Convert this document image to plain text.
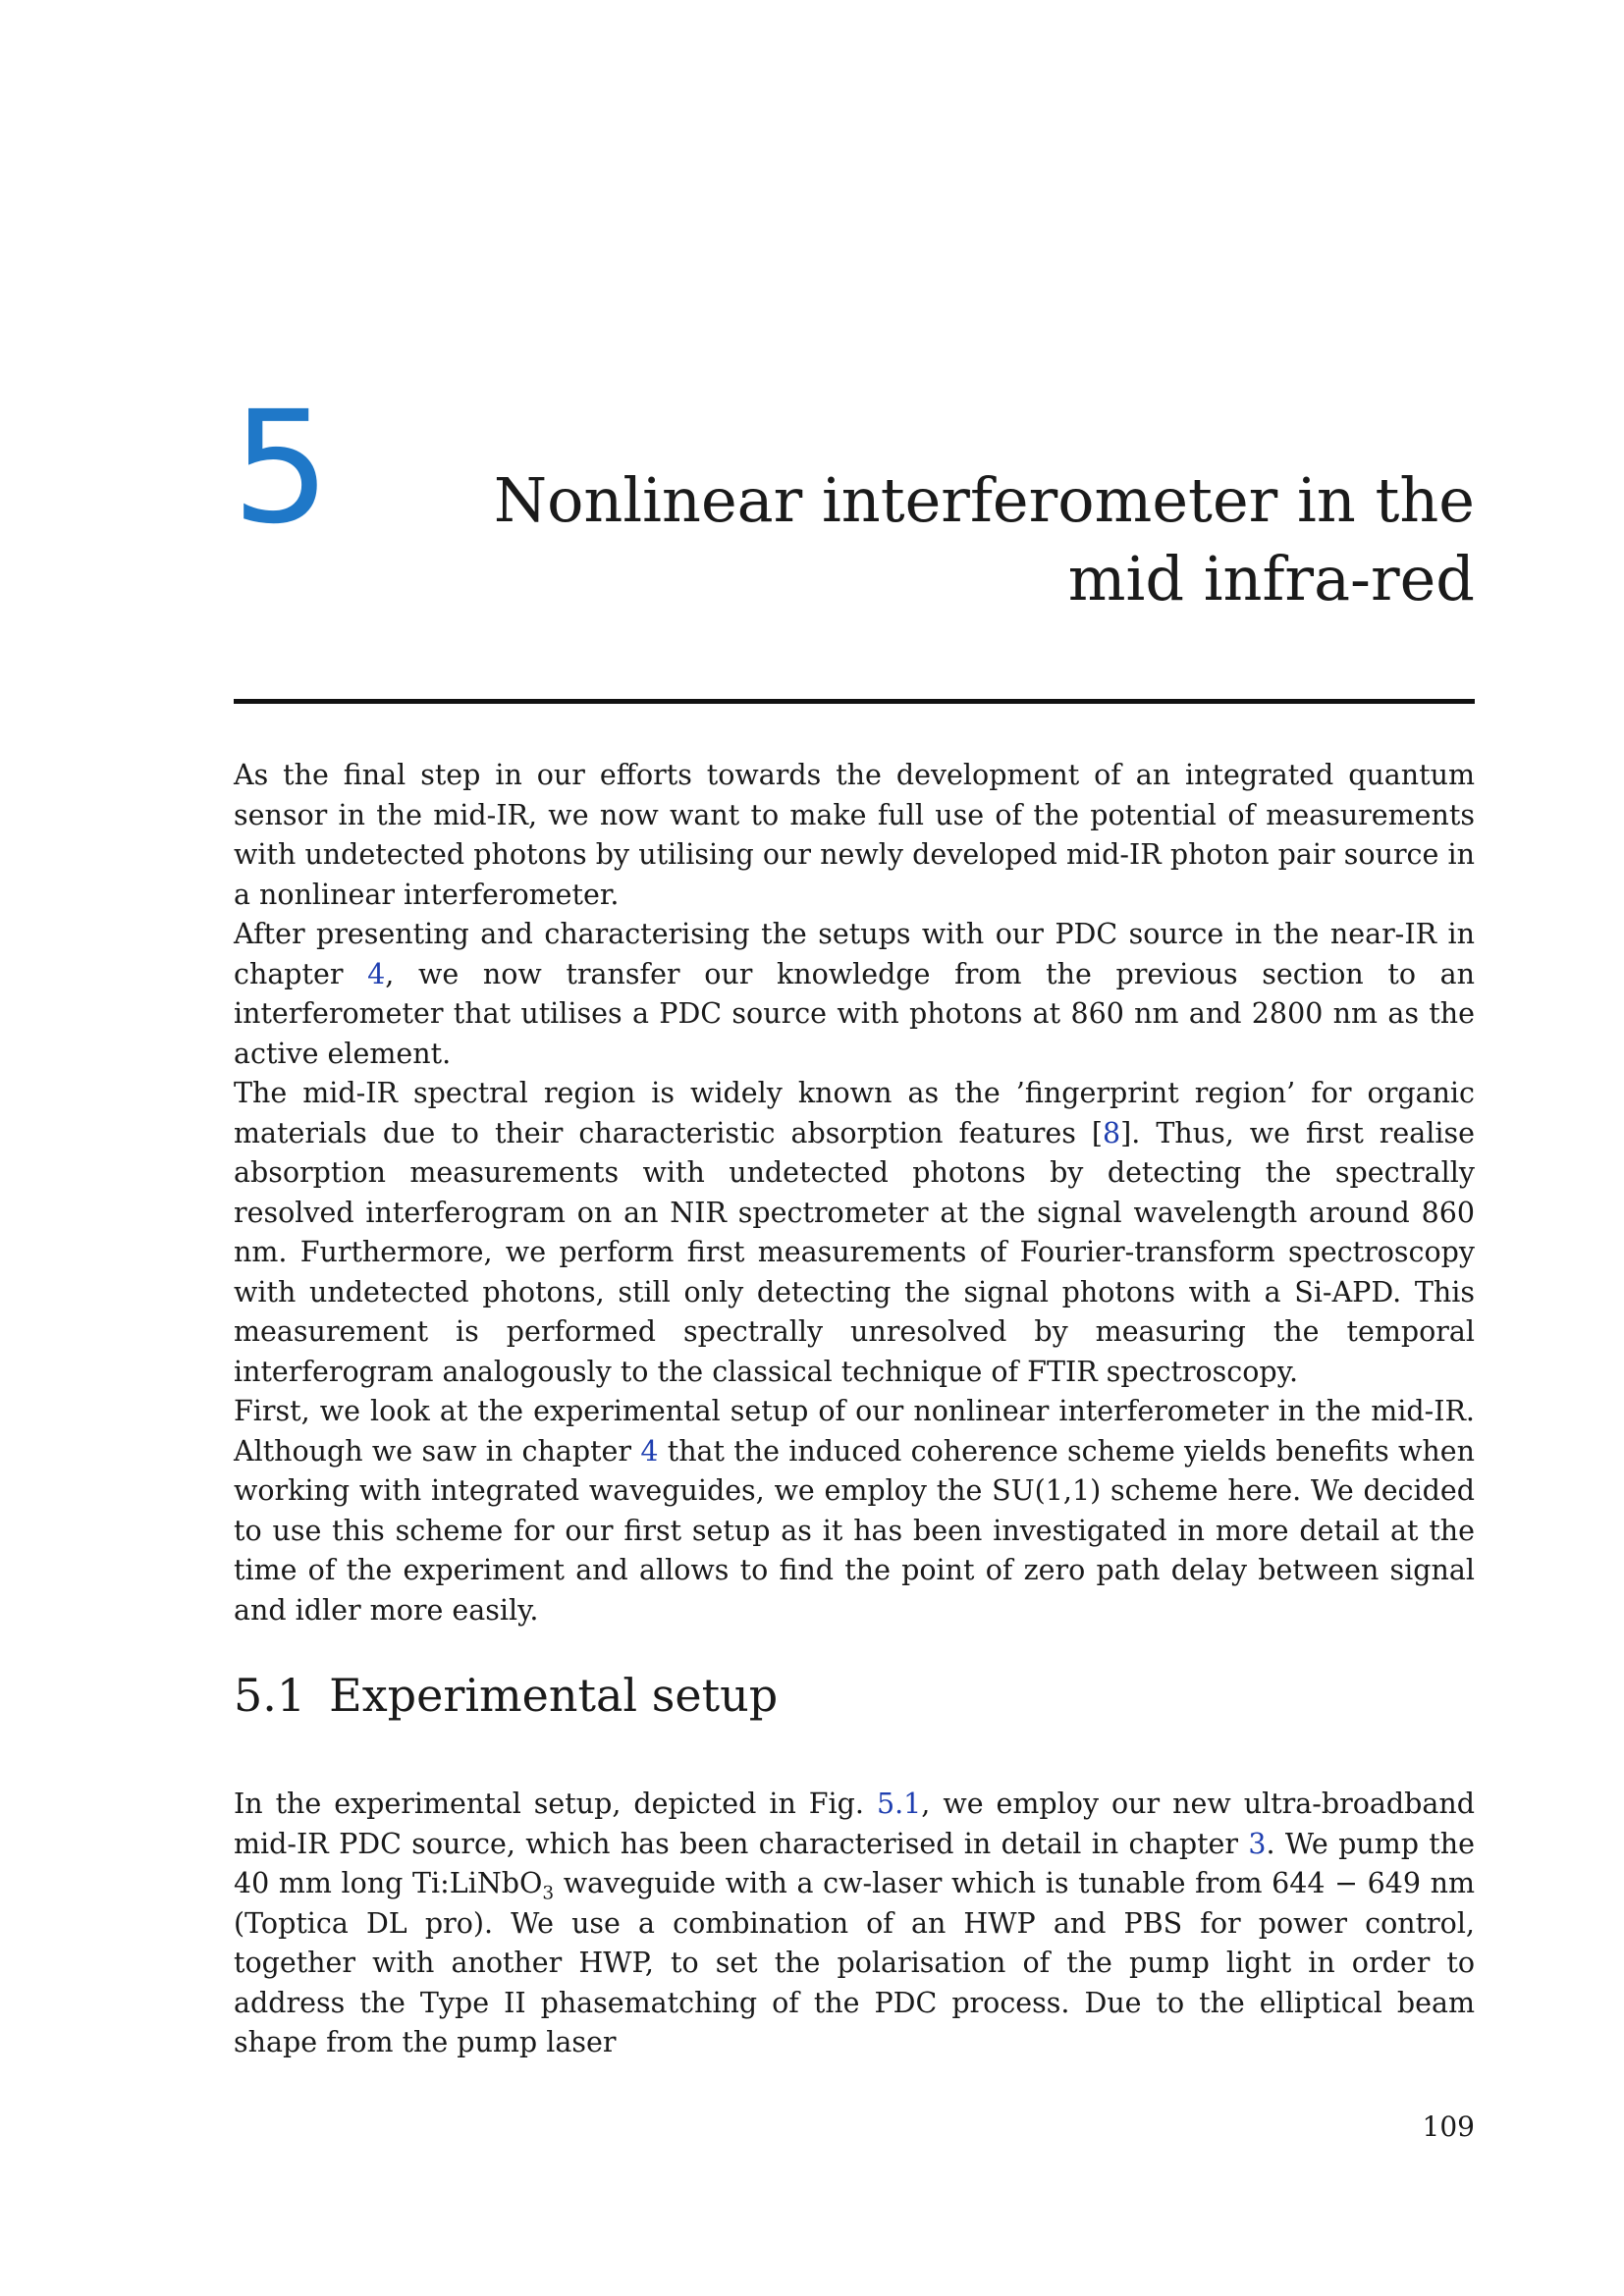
5	Nonlinear interferometer in the
mid infra-red

As the final step in our efforts towards the development of an integrated quantum sensor in the mid-IR, we now want to make full use of the potential of measurements with undetected photons by utilising our newly developed mid-IR photon pair source in a nonlinear interferometer.

After presenting and characterising the setups with our PDC source in the near-IR in chapter 4, we now transfer our knowledge from the previous section to an interferometer that utilises a PDC source with photons at 860 nm and 2800 nm as the active element.

The mid-IR spectral region is widely known as the ’fingerprint region’ for organic materials due to their characteristic absorption features [8]. Thus, we first realise absorption measurements with undetected photons by detecting the spectrally resolved interferogram on an NIR spectrometer at the signal wavelength around 860 nm. Furthermore, we perform first measurements of Fourier-transform spectroscopy with undetected photons, still only detecting the signal photons with a Si-APD. This measurement is performed spectrally unresolved by measuring the temporal interferogram analogously to the classical technique of FTIR spectroscopy.

First, we look at the experimental setup of our nonlinear interferometer in the mid-IR. Although we saw in chapter 4 that the induced coherence scheme yields benefits when working with integrated waveguides, we employ the SU(1,1) scheme here. We decided to use this scheme for our first setup as it has been investigated in more detail at the time of the experiment and allows to find the point of zero path delay between signal and idler more easily.

5.1 Experimental setup

In the experimental setup, depicted in Fig. 5.1, we employ our new ultra-broadband mid-IR PDC source, which has been characterised in detail in chapter 3. We pump the 40 mm long Ti:LiNbO$_3$ waveguide with a cw-laser which is tunable from 644 − 649 nm (Toptica DL pro). We use a combination of an HWP and PBS for power control, together with another HWP, to set the polarisation of the pump light in order to address the Type II phasematching of the PDC process. Due to the elliptical beam shape from the pump laser

109
